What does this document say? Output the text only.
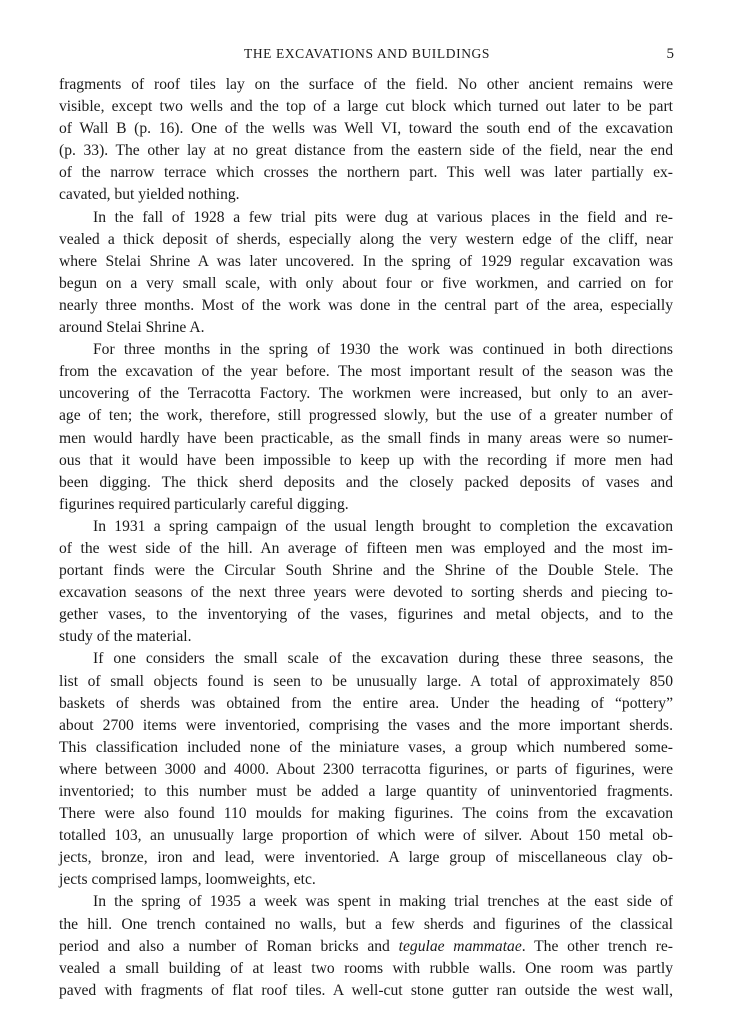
THE EXCAVATIONS AND BUILDINGS	5
fragments of roof tiles lay on the surface of the field. No other ancient remains were
visible, except two wells and the top of a large cut block which turned out later to be part
of Wall B (p. 16). One of the wells was Well VI, toward the south end of the excavation
(p. 33). The other lay at no great distance from the eastern side of the field, near the end
of the narrow terrace which crosses the northern part. This well was later partially ex-
cavated, but yielded nothing.
In the fall of 1928 a few trial pits were dug at various places in the field and re-
vealed a thick deposit of sherds, especially along the very western edge of the cliff, near
where Stelai Shrine A was later uncovered. In the spring of 1929 regular excavation was
begun on a very small scale, with only about four or five workmen, and carried on for
nearly three months. Most of the work was done in the central part of the area, especially
around Stelai Shrine A.
For three months in the spring of 1930 the work was continued in both directions
from the excavation of the year before. The most important result of the season was the
uncovering of the Terracotta Factory. The workmen were increased, but only to an aver-
age of ten; the work, therefore, still progressed slowly, but the use of a greater number of
men would hardly have been practicable, as the small finds in many areas were so numer-
ous that it would have been impossible to keep up with the recording if more men had
been digging. The thick sherd deposits and the closely packed deposits of vases and
figurines required particularly careful digging.
In 1931 a spring campaign of the usual length brought to completion the excavation
of the west side of the hill. An average of fifteen men was employed and the most im-
portant finds were the Circular South Shrine and the Shrine of the Double Stele. The
excavation seasons of the next three years were devoted to sorting sherds and piecing to-
gether vases, to the inventorying of the vases, figurines and metal objects, and to the
study of the material.
If one considers the small scale of the excavation during these three seasons, the
list of small objects found is seen to be unusually large. A total of approximately 850
baskets of sherds was obtained from the entire area. Under the heading of “pottery”
about 2700 items were inventoried, comprising the vases and the more important sherds.
This classification included none of the miniature vases, a group which numbered some-
where between 3000 and 4000. About 2300 terracotta figurines, or parts of figurines, were
inventoried; to this number must be added a large quantity of uninventoried fragments.
There were also found 110 moulds for making figurines. The coins from the excavation
totalled 103, an unusually large proportion of which were of silver. About 150 metal ob-
jects, bronze, iron and lead, were inventoried. A large group of miscellaneous clay ob-
jects comprised lamps, loomweights, etc.
In the spring of 1935 a week was spent in making trial trenches at the east side of
the hill. One trench contained no walls, but a few sherds and figurines of the classical
period and also a number of Roman bricks and tegulae mammatae. The other trench re-
vealed a small building of at least two rooms with rubble walls. One room was partly
paved with fragments of flat roof tiles. A well-cut stone gutter ran outside the west wall,
